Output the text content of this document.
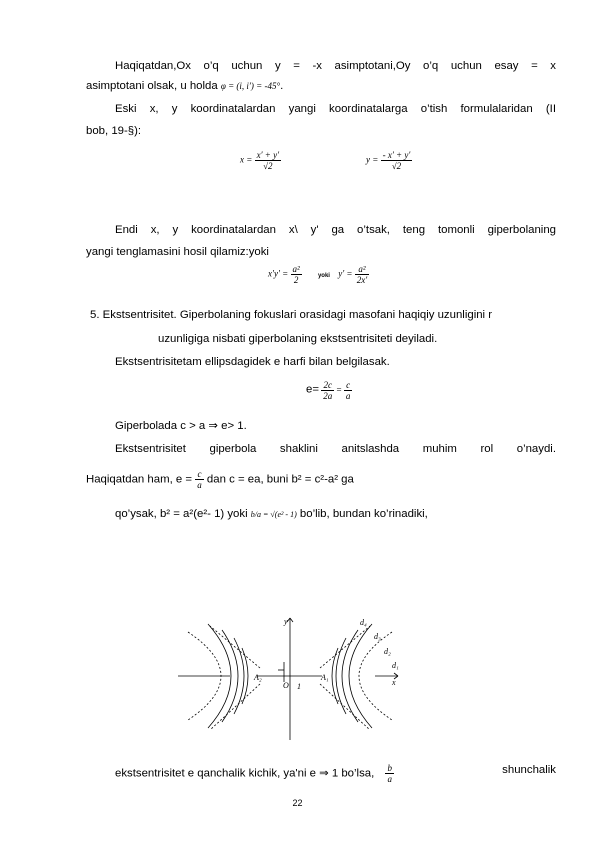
Haqiqatdan,Ox o’q uchun y = -x asimptotani,Oy o’q uchun esay = x
asimptotani olsak, u holda φ = (i, i′) = -45°.
Eski x, y koordinatalardan yangi koordinatalarga o’tish formulalaridan (II
bob, 19-§):
$x = \frac{x' + y'}{√2}$	$y = \frac{- x' + y'}{√2}$
Endi x, y koordinatalardan x\ y' ga o’tsak, teng tomonli giperbolaning
yangi tenglamasini hosil qilamiz:yoki
$x'y' = \frac{\text{a²}}{2}$	yoki $y' = \frac{\text{a²}}{2x'}$
5. Ekstsentrisitet. Giperbolaning fokuslari orasidagi masofani haqiqiy uzunligini r
uzunligiga nisbati giperbolaning ekstsentrisiteti deyiladi.
Ekstsentrisitetam ellipsdagidek e harfi bilan belgilasak.
$e= \frac{2c}{2a} = \frac{c}{a}$
Giperbolada c > a ⇒ e> 1.
Ekstsentrisitet giperbola shaklini anitslashda muhim rol o’naydi.
Haqiqatdan ham, $e = \frac{c}{a}$ dan c = ea, buni b² = c²-a² ga
qo’ysak, b² = a²(e²- 1) yoki b/a = √(e² - 1) bo’lib, bundan ko’rinadiki,
y
x
A₂	A₁
O 1
d₄
d₃
d₂
d₁
ekstsentrisitet e qanchalik kichik, ya'ni e ⇒ 1 bo’lsa, $\frac{b}{a}$	shunchalik
22
